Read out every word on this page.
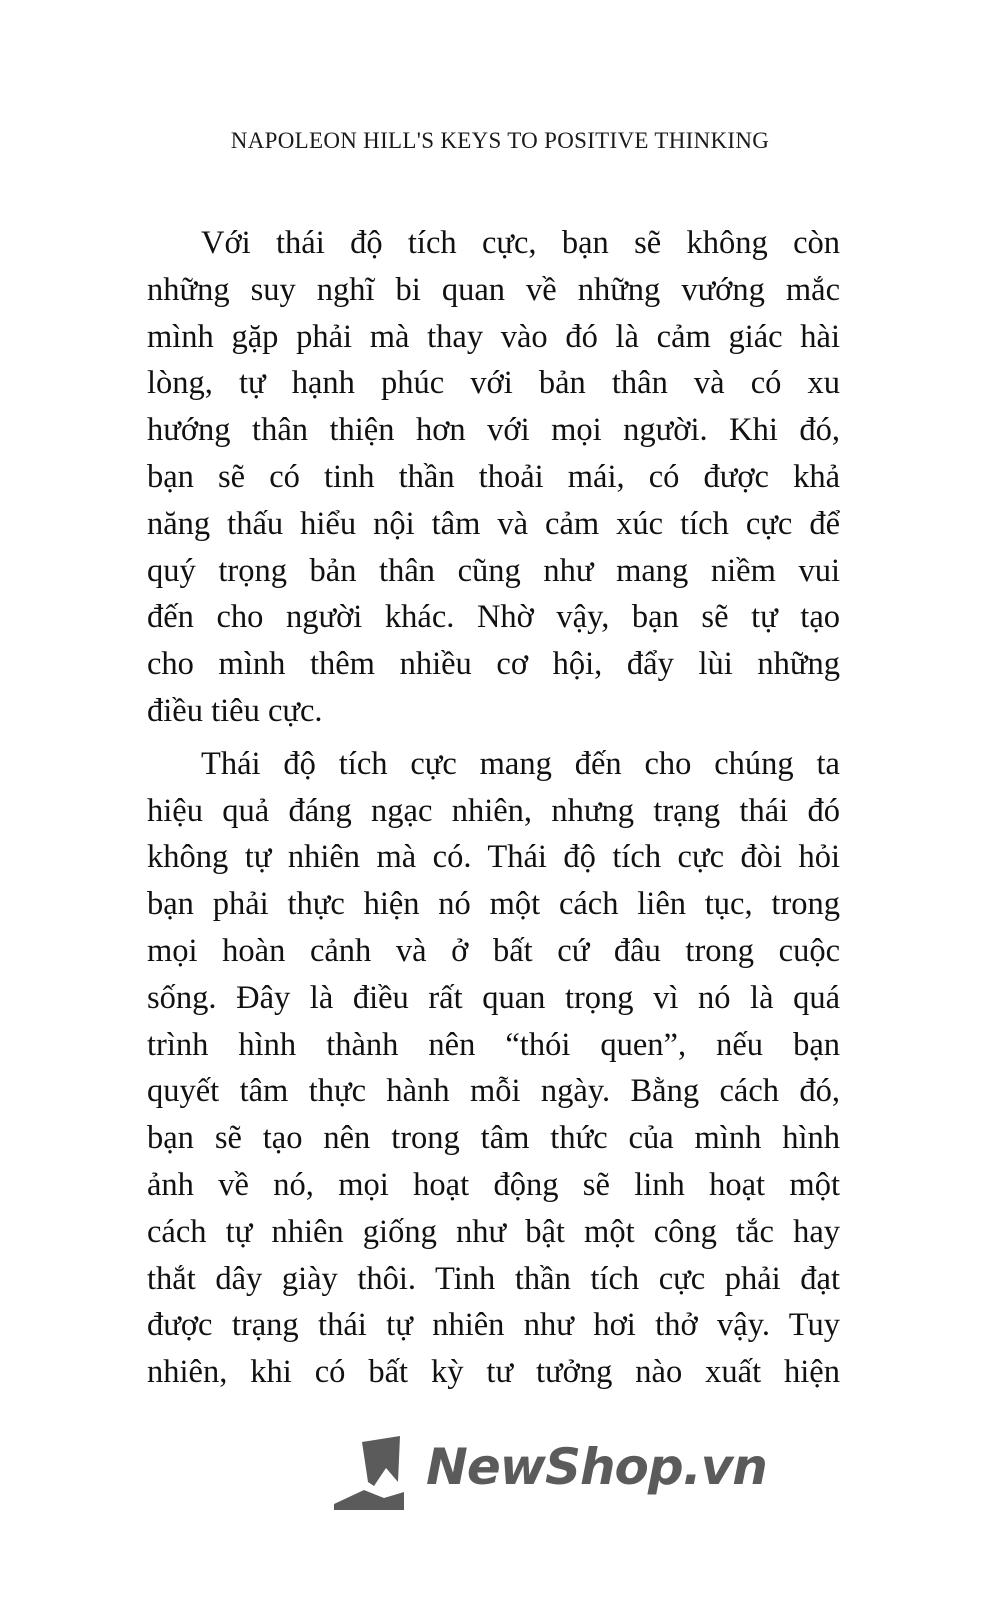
NAPOLEON HILL'S KEYS TO POSITIVE THINKING
Với thái độ tích cực, bạn sẽ không còn
những suy nghĩ bi quan về những vướng mắc
mình gặp phải mà thay vào đó là cảm giác hài
lòng, tự hạnh phúc với bản thân và có xu
hướng thân thiện hơn với mọi người. Khi đó,
bạn sẽ có tinh thần thoải mái, có được khả
năng thấu hiểu nội tâm và cảm xúc tích cực để
quý trọng bản thân cũng như mang niềm vui
đến cho người khác. Nhờ vậy, bạn sẽ tự tạo
cho mình thêm nhiều cơ hội, đẩy lùi những
điều tiêu cực.
Thái độ tích cực mang đến cho chúng ta
hiệu quả đáng ngạc nhiên, nhưng trạng thái đó
không tự nhiên mà có. Thái độ tích cực đòi hỏi
bạn phải thực hiện nó một cách liên tục, trong
mọi hoàn cảnh và ở bất cứ đâu trong cuộc
sống. Đây là điều rất quan trọng vì nó là quá
trình hình thành nên “thói quen”, nếu bạn
quyết tâm thực hành mỗi ngày. Bằng cách đó,
bạn sẽ tạo nên trong tâm thức của mình hình
ảnh về nó, mọi hoạt động sẽ linh hoạt một
cách tự nhiên giống như bật một công tắc hay
thắt dây giày thôi. Tinh thần tích cực phải đạt
được trạng thái tự nhiên như hơi thở vậy. Tuy
nhiên, khi có bất kỳ tư tưởng nào xuất hiện
NewShop.vn
